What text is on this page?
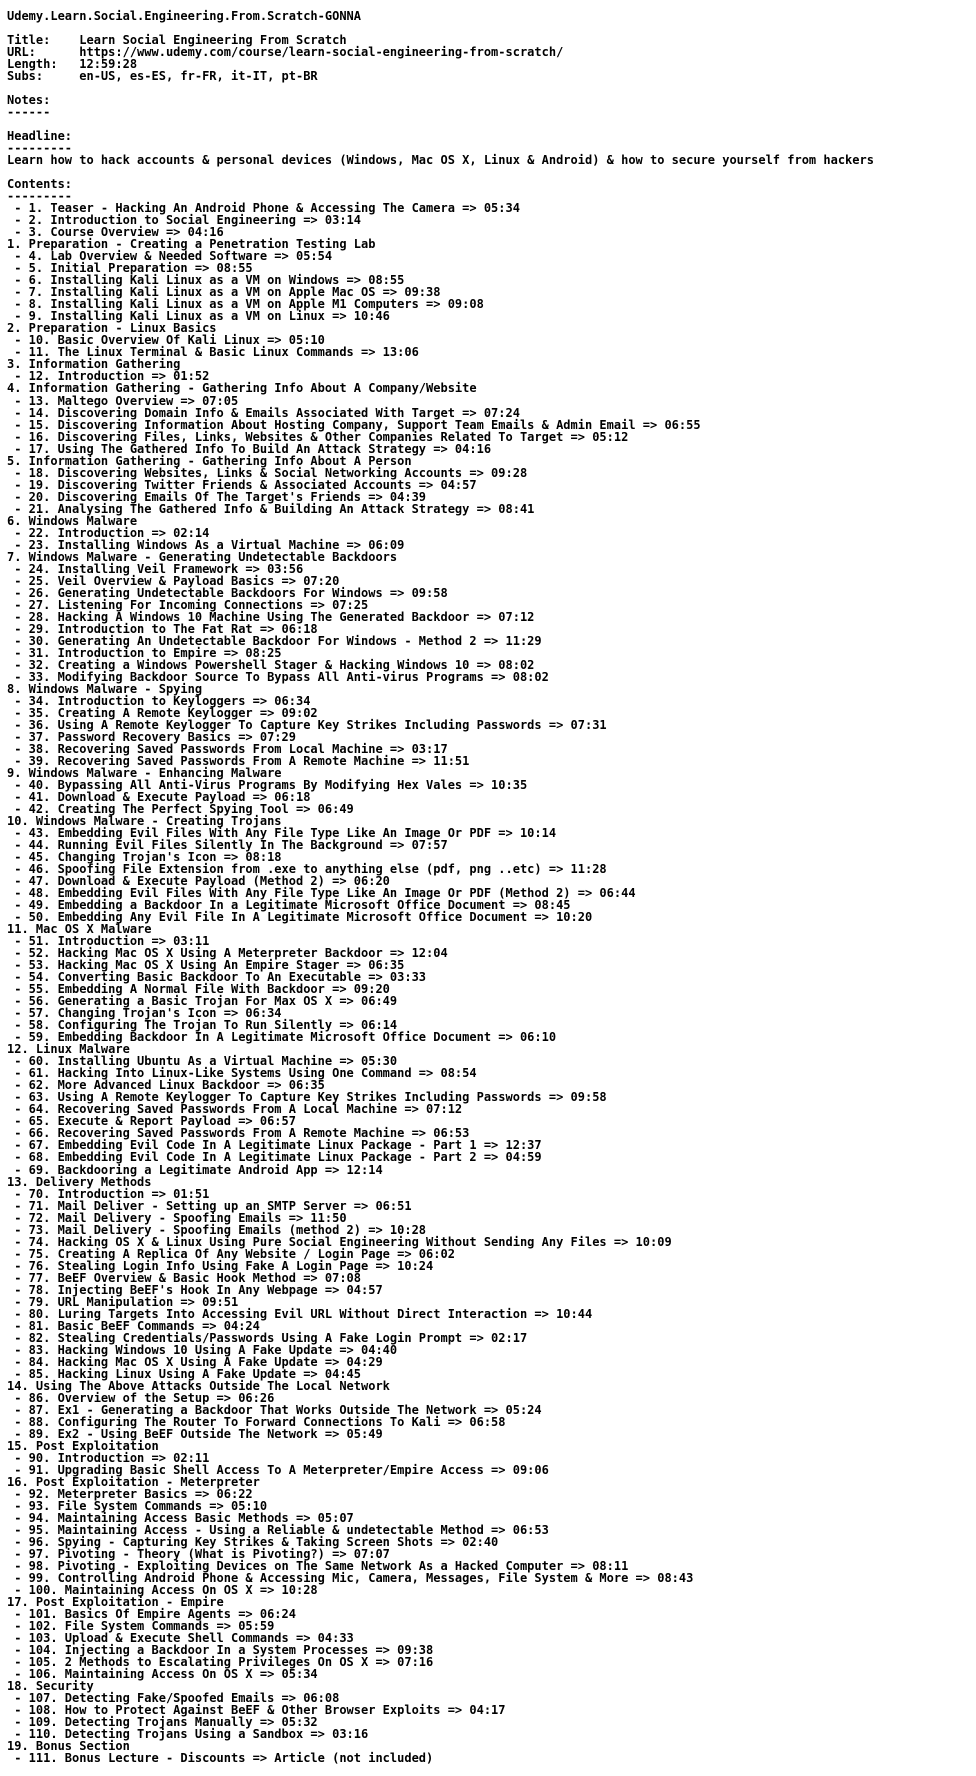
Udemy.Learn.Social.Engineering.From.Scratch-GONNA
Title:    Learn Social Engineering From Scratch
URL:      https://www.udemy.com/course/learn-social-engineering-from-scratch/
Length:   12:59:28
Subs:     en-US, es-ES, fr-FR, it-IT, pt-BR
Notes:
------
Headline:
---------
Learn how to hack accounts & personal devices (Windows, Mac OS X, Linux & Android) & how to secure yourself from hackers
Contents:
---------
- 1. Teaser - Hacking An Android Phone & Accessing The Camera => 05:34
- 2. Introduction to Social Engineering => 03:14
- 3. Course Overview => 04:16
1. Preparation - Creating a Penetration Testing Lab
- 4. Lab Overview & Needed Software => 05:54
- 5. Initial Preparation => 08:55
- 6. Installing Kali Linux as a VM on Windows => 08:55
- 7. Installing Kali Linux as a VM on Apple Mac OS => 09:38
- 8. Installing Kali Linux as a VM on Apple M1 Computers => 09:08
- 9. Installing Kali Linux as a VM on Linux => 10:46
2. Preparation - Linux Basics
- 10. Basic Overview Of Kali Linux => 05:10
- 11. The Linux Terminal & Basic Linux Commands => 13:06
3. Information Gathering
- 12. Introduction => 01:52
4. Information Gathering - Gathering Info About A Company/Website
- 13. Maltego Overview => 07:05
- 14. Discovering Domain Info & Emails Associated With Target => 07:24
- 15. Discovering Information About Hosting Company, Support Team Emails & Admin Email => 06:55
- 16. Discovering Files, Links, Websites & Other Companies Related To Target => 05:12
- 17. Using The Gathered Info To Build An Attack Strategy => 04:16
5. Information Gathering - Gathering Info About A Person
- 18. Discovering Websites, Links & Social Networking Accounts => 09:28
- 19. Discovering Twitter Friends & Associated Accounts => 04:57
- 20. Discovering Emails Of The Target's Friends => 04:39
- 21. Analysing The Gathered Info & Building An Attack Strategy => 08:41
6. Windows Malware
- 22. Introduction => 02:14
- 23. Installing Windows As a Virtual Machine => 06:09
7. Windows Malware - Generating Undetectable Backdoors
- 24. Installing Veil Framework => 03:56
- 25. Veil Overview & Payload Basics => 07:20
- 26. Generating Undetectable Backdoors For Windows => 09:58
- 27. Listening For Incoming Connections => 07:25
- 28. Hacking A Windows 10 Machine Using The Generated Backdoor => 07:12
- 29. Introduction to The Fat Rat => 06:18
- 30. Generating An Undetectable Backdoor For Windows - Method 2 => 11:29
- 31. Introduction to Empire => 08:25
- 32. Creating a Windows Powershell Stager & Hacking Windows 10 => 08:02
- 33. Modifying Backdoor Source To Bypass All Anti-virus Programs => 08:02
8. Windows Malware - Spying
- 34. Introduction to Keyloggers => 06:34
- 35. Creating A Remote Keylogger => 09:02
- 36. Using A Remote Keylogger To Capture Key Strikes Including Passwords => 07:31
- 37. Password Recovery Basics => 07:29
- 38. Recovering Saved Passwords From Local Machine => 03:17
- 39. Recovering Saved Passwords From A Remote Machine => 11:51
9. Windows Malware - Enhancing Malware
- 40. Bypassing All Anti-Virus Programs By Modifying Hex Vales => 10:35
- 41. Download & Execute Payload => 06:18
- 42. Creating The Perfect Spying Tool => 06:49
10. Windows Malware - Creating Trojans
- 43. Embedding Evil Files With Any File Type Like An Image Or PDF => 10:14
- 44. Running Evil Files Silently In The Background => 07:57
- 45. Changing Trojan's Icon => 08:18
- 46. Spoofing File Extension from .exe to anything else (pdf, png ..etc) => 11:28
- 47. Download & Execute Payload (Method 2) => 06:20
- 48. Embedding Evil Files With Any File Type Like An Image Or PDF (Method 2) => 06:44
- 49. Embedding a Backdoor In a Legitimate Microsoft Office Document => 08:45
- 50. Embedding Any Evil File In A Legitimate Microsoft Office Document => 10:20
11. Mac OS X Malware
- 51. Introduction => 03:11
- 52. Hacking Mac OS X Using A Meterpreter Backdoor => 12:04
- 53. Hacking Mac OS X Using An Empire Stager => 06:35
- 54. Converting Basic Backdoor To An Executable => 03:33
- 55. Embedding A Normal File With Backdoor => 09:20
- 56. Generating a Basic Trojan For Max OS X => 06:49
- 57. Changing Trojan's Icon => 06:34
- 58. Configuring The Trojan To Run Silently => 06:14
- 59. Embedding Backdoor In A Legitimate Microsoft Office Document => 06:10
12. Linux Malware
- 60. Installing Ubuntu As a Virtual Machine => 05:30
- 61. Hacking Into Linux-Like Systems Using One Command => 08:54
- 62. More Advanced Linux Backdoor => 06:35
- 63. Using A Remote Keylogger To Capture Key Strikes Including Passwords => 09:58
- 64. Recovering Saved Passwords From A Local Machine => 07:12
- 65. Execute & Report Payload => 06:57
- 66. Recovering Saved Passwords From A Remote Machine => 06:53
- 67. Embedding Evil Code In A Legitimate Linux Package - Part 1 => 12:37
- 68. Embedding Evil Code In A Legitimate Linux Package - Part 2 => 04:59
- 69. Backdooring a Legitimate Android App => 12:14
13. Delivery Methods
- 70. Introduction => 01:51
- 71. Mail Deliver - Setting up an SMTP Server => 06:51
- 72. Mail Delivery - Spoofing Emails => 11:50
- 73. Mail Delivery - Spoofing Emails (method 2) => 10:28
- 74. Hacking OS X & Linux Using Pure Social Engineering Without Sending Any Files => 10:09
- 75. Creating A Replica Of Any Website / Login Page => 06:02
- 76. Stealing Login Info Using Fake A Login Page => 10:24
- 77. BeEF Overview & Basic Hook Method => 07:08
- 78. Injecting BeEF's Hook In Any Webpage => 04:57
- 79. URL Manipulation => 09:51
- 80. Luring Targets Into Accessing Evil URL Without Direct Interaction => 10:44
- 81. Basic BeEF Commands => 04:24
- 82. Stealing Credentials/Passwords Using A Fake Login Prompt => 02:17
- 83. Hacking Windows 10 Using A Fake Update => 04:40
- 84. Hacking Mac OS X Using A Fake Update => 04:29
- 85. Hacking Linux Using A Fake Update => 04:45
14. Using The Above Attacks Outside The Local Network
- 86. Overview of the Setup => 06:26
- 87. Ex1 - Generating a Backdoor That Works Outside The Network => 05:24
- 88. Configuring The Router To Forward Connections To Kali => 06:58
- 89. Ex2 - Using BeEF Outside The Network => 05:49
15. Post Exploitation
- 90. Introduction => 02:11
- 91. Upgrading Basic Shell Access To A Meterpreter/Empire Access => 09:06
16. Post Exploitation - Meterpreter
- 92. Meterpreter Basics => 06:22
- 93. File System Commands => 05:10
- 94. Maintaining Access Basic Methods => 05:07
- 95. Maintaining Access - Using a Reliable & undetectable Method => 06:53
- 96. Spying - Capturing Key Strikes & Taking Screen Shots => 02:40
- 97. Pivoting - Theory (What is Pivoting?) => 07:07
- 98. Pivoting - Exploiting Devices on The Same Network As a Hacked Computer => 08:11
- 99. Controlling Android Phone & Accessing Mic, Camera, Messages, File System & More => 08:43
- 100. Maintaining Access On OS X => 10:28
17. Post Exploitation - Empire
- 101. Basics Of Empire Agents => 06:24
- 102. File System Commands => 05:59
- 103. Upload & Execute Shell Commands => 04:33
- 104. Injecting a Backdoor In a System Processes => 09:38
- 105. 2 Methods to Escalating Privileges On OS X => 07:16
- 106. Maintaining Access On OS X => 05:34
18. Security
- 107. Detecting Fake/Spoofed Emails => 06:08
- 108. How to Protect Against BeEF & Other Browser Exploits => 04:17
- 109. Detecting Trojans Manually => 05:32
- 110. Detecting Trojans Using a Sandbox => 03:16
19. Bonus Section
- 111. Bonus Lecture - Discounts => Article (not included)
